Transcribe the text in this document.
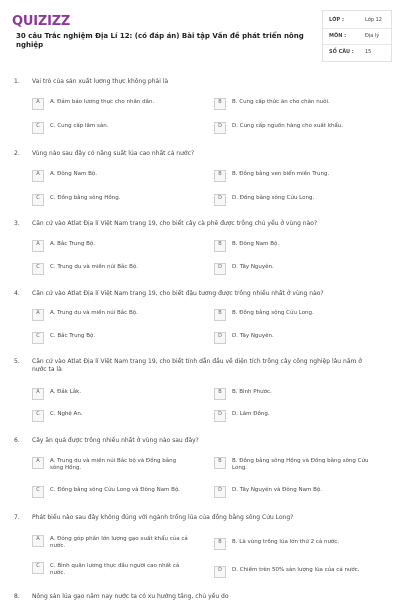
QUIZIZZ
30 câu Trắc nghiệm Địa Lí 12: (có đáp án) Bài tập Vấn đề phát triển nông nghiệp
LỚP :	Lớp 12
MÔN :	Địa lý
SỐ CÂU : 15
1. Vai trò của sản xuất lương thực không phải là
A	A. Đảm bảo lương thực cho nhân dân.	B	B. Cung cấp thức ăn cho chăn nuôi.
C	C. Cung cấp lâm sản.	D	D. Cung cấp nguồn hàng cho xuất khẩu.
2. Vùng nào sau đây có năng suất lúa cao nhất cả nước?
A	A. Đông Nam Bộ.	B	B. Đồng bằng ven biển miền Trung.
C	C. Đồng bằng sông Hồng.	D	D. Đồng bằng sông Cửu Long.
3. Căn cứ vào Atlat Địa lí Việt Nam trang 19, cho biết cây cà phê được trồng chủ yếu ở vùng nào?
A	A. Bắc Trung Bộ.	B	B. Đông Nam Bộ.
C	C. Trung du và miền núi Bắc Bộ.	D	D. Tây Nguyên.
4. Căn cứ vào Atlat Địa lí Việt Nam trang 19, cho biết đậu tương được trồng nhiều nhất ở vùng nào?
A	A. Trung du và miền núi Bắc Bộ.	B	B. Đồng bằng sông Cửu Long.
C	C. Bắc Trung Bộ.	D	D. Tây Nguyên.
5. Căn cứ vào Atlat Địa lí Việt Nam trang 19, cho biết tỉnh dẫn đầu về diện tích trồng cây công nghiệp lâu năm ở nước ta là
A	A. Đắk Lắk.	B	B. Bình Phước.
C	C. Nghệ An.	D	D. Lâm Đồng.
6. Cây ăn quả được trồng nhiều nhất ở vùng nào sau đây?
A	A. Trung du và miền núi Bắc bộ và Đồng bằng sông Hồng.
B	B. Đồng bằng sông Hồng và Đồng bằng sông Cửu Long.
C	C. Đồng bằng sông Cửu Long và Đông Nam Bộ.	D	D. Tây Nguyên và Đông Nam Bộ.
7. Phát biểu nào sau đây không đúng với ngành trồng lúa của đồng bằng sông Cửu Long?
A	A. Đóng góp phần lớn lượng gạo xuất khẩu của cả nước.
B	B. Là vùng trồng lúa lớn thứ 2 cả nước.
C	C. Bình quân lương thực đầu người cao nhất cả nước.	D	D. Chiếm trên 50% sản lượng lúa của cả nước.
8. Nông sản lúa gạo năm nay nước ta có xu hướng tăng, chủ yếu do
